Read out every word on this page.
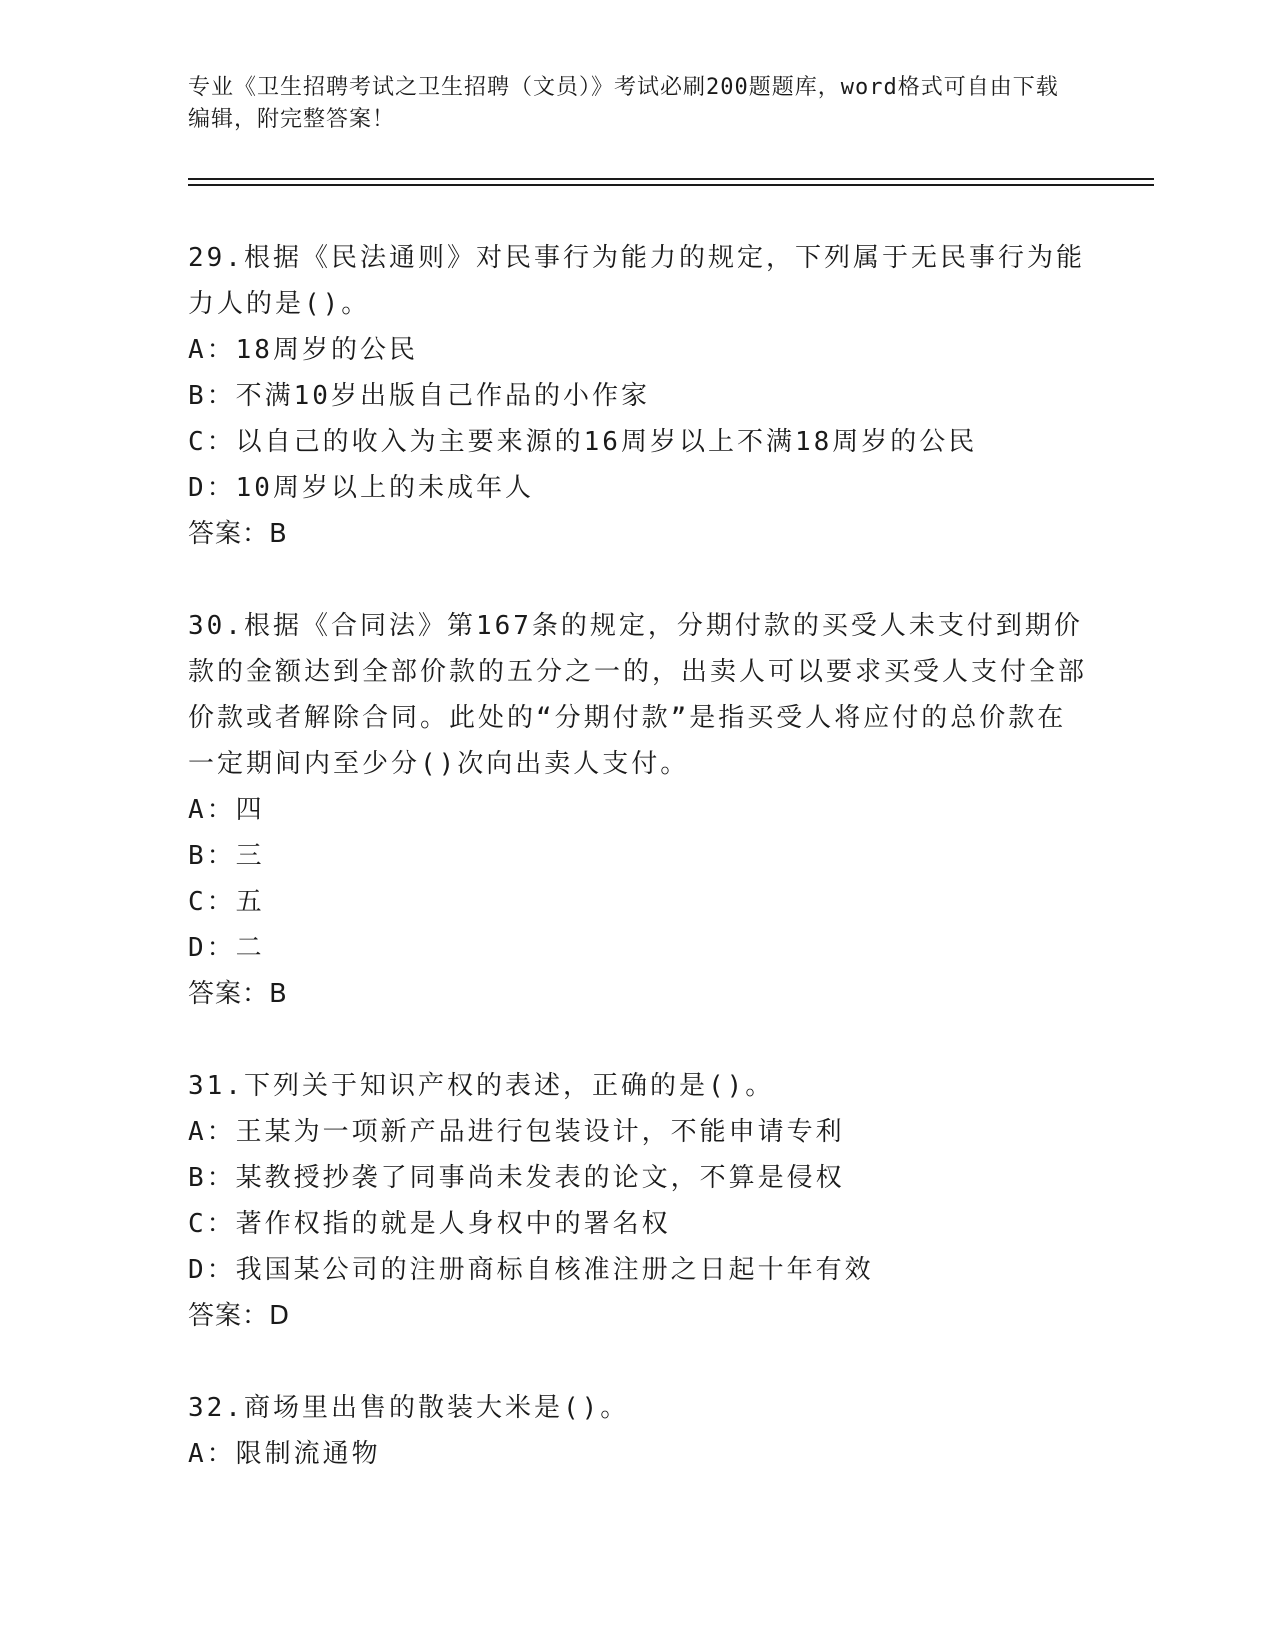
专业《卫生招聘考试之卫生招聘（文员）》考试必刷200题题库，word格式可自由下载编辑，附完整答案！

29.根据《民法通则》对民事行为能力的规定，下列属于无民事行为能力人的是()。

A：18周岁的公民

B：不满10岁出版自己作品的小作家

C：以自己的收入为主要来源的16周岁以上不满18周岁的公民

D：10周岁以上的未成年人

答案：B

30.根据《合同法》第167条的规定，分期付款的买受人未支付到期价款的金额达到全部价款的五分之一的，出卖人可以要求买受人支付全部价款或者解除合同。此处的“分期付款”是指买受人将应付的总价款在一定期间内至少分()次向出卖人支付。

A：四

B：三

C：五

D：二

答案：B

31.下列关于知识产权的表述，正确的是()。

A：王某为一项新产品进行包装设计，不能申请专利

B：某教授抄袭了同事尚未发表的论文，不算是侵权

C：著作权指的就是人身权中的署名权

D：我国某公司的注册商标自核准注册之日起十年有效

答案：D

32.商场里出售的散装大米是()。

A：限制流通物
